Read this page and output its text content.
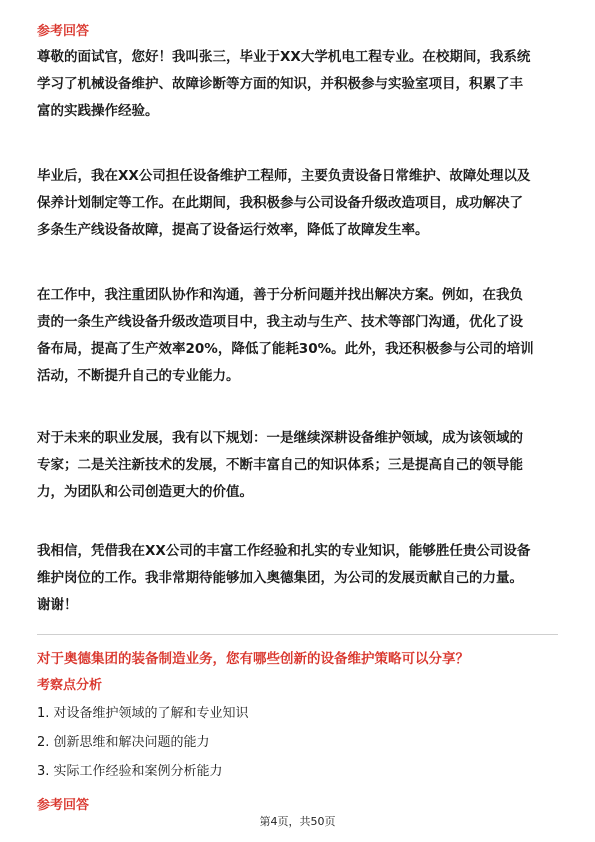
参考回答
尊敬的面试官，您好！我叫张三，毕业于XX大学机电工程专业。在校期间，我系统
学习了机械设备维护、故障诊断等方面的知识，并积极参与实验室项目，积累了丰
富的实践操作经验。
毕业后，我在XX公司担任设备维护工程师，主要负责设备日常维护、故障处理以及
保养计划制定等工作。在此期间，我积极参与公司设备升级改造项目，成功解决了
多条生产线设备故障，提高了设备运行效率，降低了故障发生率。
在工作中，我注重团队协作和沟通，善于分析问题并找出解决方案。例如，在我负
责的一条生产线设备升级改造项目中，我主动与生产、技术等部门沟通，优化了设
备布局，提高了生产效率20%，降低了能耗30%。此外，我还积极参与公司的培训
活动，不断提升自己的专业能力。
对于未来的职业发展，我有以下规划：一是继续深耕设备维护领域，成为该领域的
专家；二是关注新技术的发展，不断丰富自己的知识体系；三是提高自己的领导能
力，为团队和公司创造更大的价值。
我相信，凭借我在XX公司的丰富工作经验和扎实的专业知识，能够胜任贵公司设备
维护岗位的工作。我非常期待能够加入奥德集团，为公司的发展贡献自己的力量。
谢谢！
对于奥德集团的装备制造业务，您有哪些创新的设备维护策略可以分享？
考察点分析
1. 对设备维护领域的了解和专业知识
2. 创新思维和解决问题的能力
3. 实际工作经验和案例分析能力
参考回答
第4页，共50页
